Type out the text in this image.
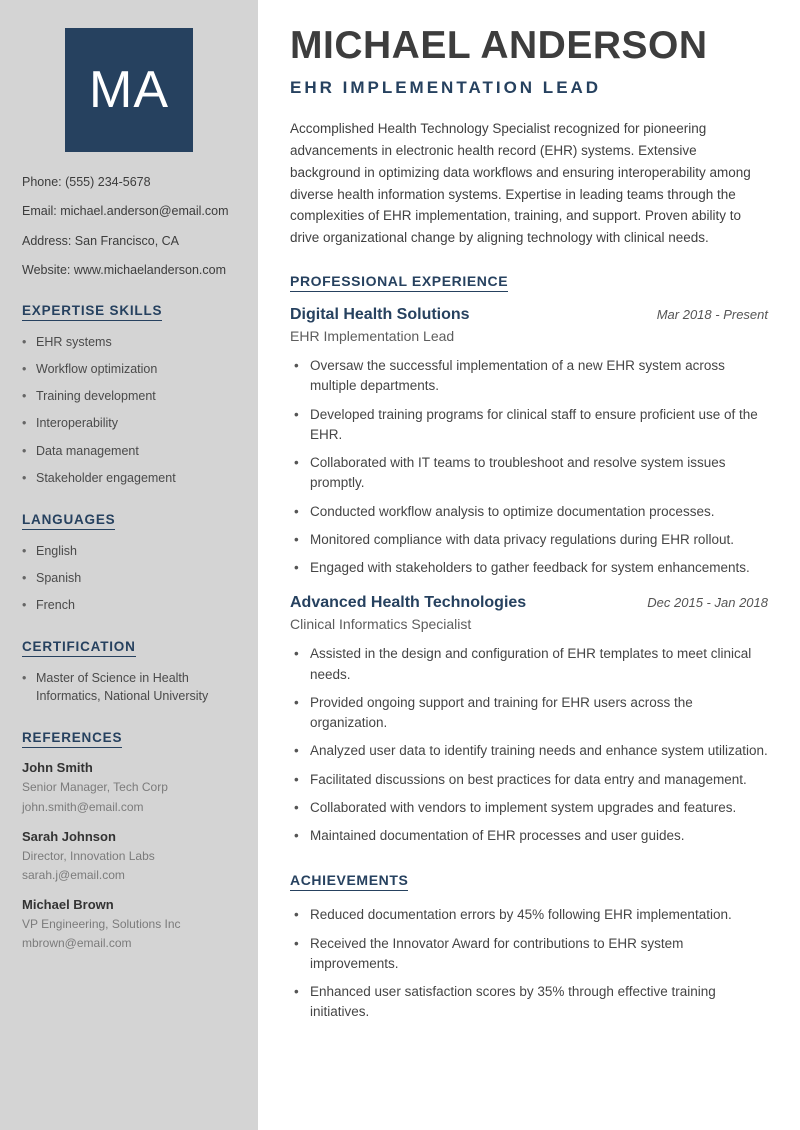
MA

Phone: (555) 234-5678

Email: michael.anderson@email.com

Address: San Francisco, CA

Website: www.michaelanderson.com

EXPERTISE SKILLS
• EHR systems
• Workflow optimization
• Training development
• Interoperability
• Data management
• Stakeholder engagement
LANGUAGES
• English
• Spanish
• French
CERTIFICATION
• Master of Science in Health Informatics, National University
REFERENCES

John Smith

Senior Manager, Tech Corp

john.smith@email.com

Sarah Johnson

Director, Innovation Labs

sarah.j@email.com

Michael Brown

VP Engineering, Solutions Inc

mbrown@email.com

MICHAEL ANDERSON
EHR IMPLEMENTATION LEAD

Accomplished Health Technology Specialist recognized for pioneering advancements in electronic health record (EHR) systems. Extensive background in optimizing data workflows and ensuring interoperability among diverse health information systems. Expertise in leading teams through the complexities of EHR implementation, training, and support. Proven ability to drive organizational change by aligning technology with clinical needs.

PROFESSIONAL EXPERIENCE
Digital Health Solutions	Mar 2018 - Present

EHR Implementation Lead

• Oversaw the successful implementation of a new EHR system across multiple departments.
• Developed training programs for clinical staff to ensure proficient use of the EHR.
• Collaborated with IT teams to troubleshoot and resolve system issues promptly.
• Conducted workflow analysis to optimize documentation processes.
• Monitored compliance with data privacy regulations during EHR rollout.
• Engaged with stakeholders to gather feedback for system enhancements.
Advanced Health Technologies	Dec 2015 - Jan 2018

Clinical Informatics Specialist

• Assisted in the design and configuration of EHR templates to meet clinical needs.
• Provided ongoing support and training for EHR users across the organization.
• Analyzed user data to identify training needs and enhance system utilization.
• Facilitated discussions on best practices for data entry and management.
• Collaborated with vendors to implement system upgrades and features.
• Maintained documentation of EHR processes and user guides.
ACHIEVEMENTS
• Reduced documentation errors by 45% following EHR implementation.
• Received the Innovator Award for contributions to EHR system improvements.
• Enhanced user satisfaction scores by 35% through effective training initiatives.
